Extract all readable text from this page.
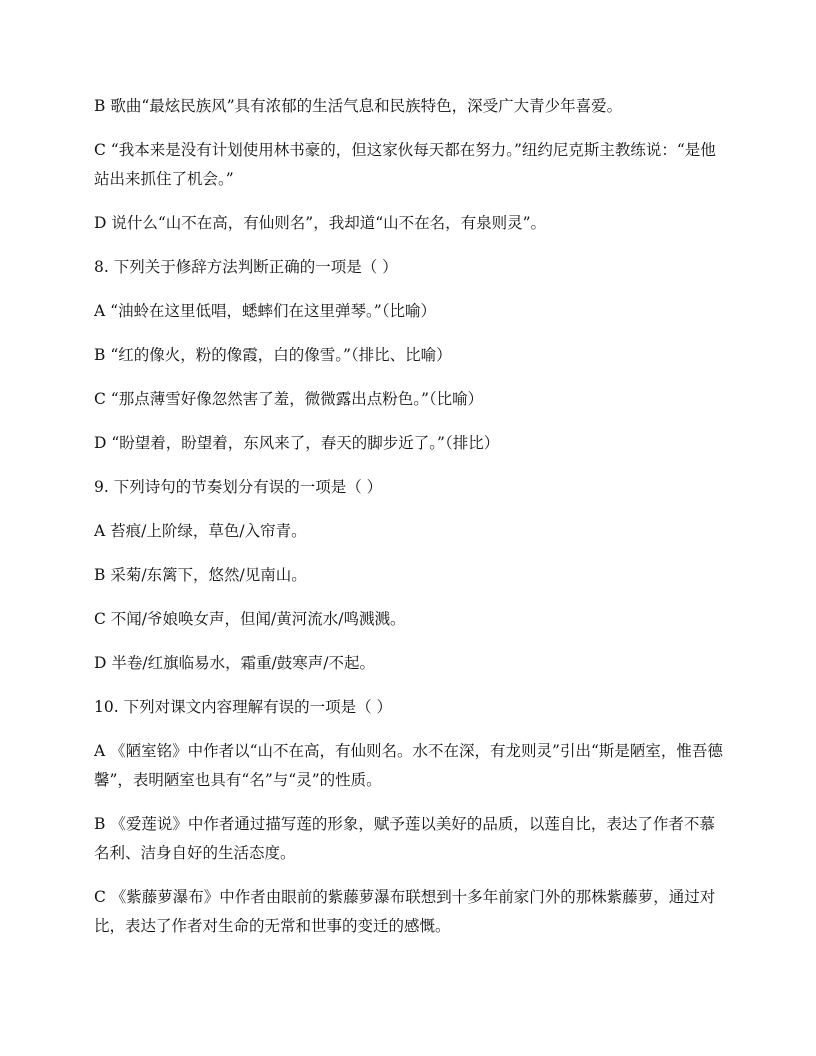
B 歌曲“最炫民族风”具有浓郁的生活气息和民族特色，深受广大青少年喜爱。

C “我本来是没有计划使用林书豪的，但这家伙每天都在努力。”纽约尼克斯主教练说：“是他站出来抓住了机会。”

D 说什么“山不在高，有仙则名”，我却道“山不在名，有泉则灵”。

8. 下列关于修辞方法判断正确的一项是（ ）

A “油蛉在这里低唱，蟋蟀们在这里弹琴。”（比喻）

B “红的像火，粉的像霞，白的像雪。”（排比、比喻）

C “那点薄雪好像忽然害了羞，微微露出点粉色。”（比喻）

D “盼望着，盼望着，东风来了，春天的脚步近了。”（排比）

9. 下列诗句的节奏划分有误的一项是（ ）

A 苔痕/上阶绿，草色/入帘青。

B 采菊/东篱下，悠然/见南山。

C 不闻/爷娘唤女声，但闻/黄河流水/鸣溅溅。

D 半卷/红旗临易水，霜重/鼓寒声/不起。

10. 下列对课文内容理解有误的一项是（ ）

A 《陋室铭》中作者以“山不在高，有仙则名。水不在深，有龙则灵”引出“斯是陋室，惟吾德馨”，表明陋室也具有“名”与“灵”的性质。

B 《爱莲说》中作者通过描写莲的形象，赋予莲以美好的品质，以莲自比，表达了作者不慕名利、洁身自好的生活态度。

C 《紫藤萝瀑布》中作者由眼前的紫藤萝瀑布联想到十多年前家门外的那株紫藤萝，通过对比，表达了作者对生命的无常和世事的变迁的感慨。
